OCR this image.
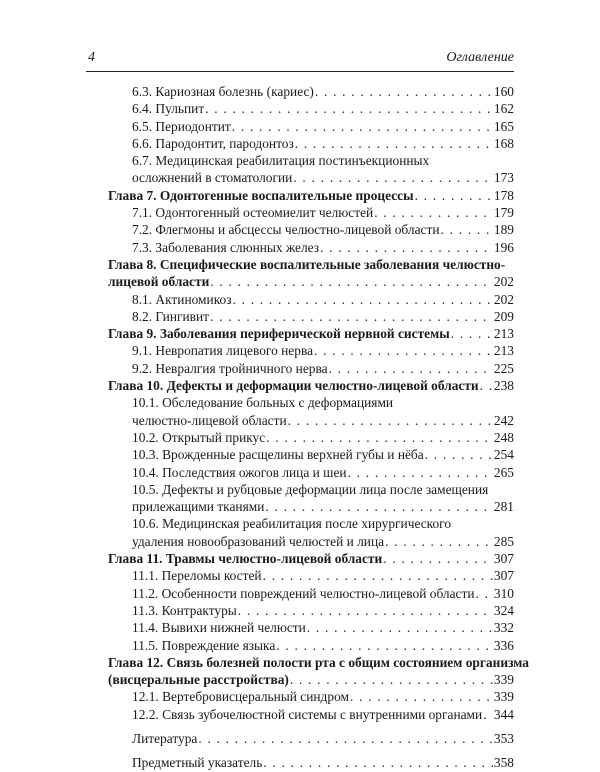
4	Оглавление
6.3. Кариозная болезнь (кариес) . . .	160
6.4. Пульпит . . .	162
6.5. Периодонтит . . .	165
6.6. Пародонтит, пародонтоз . . .	168
6.7. Медицинская реабилитация постинъекционных
осложнений в стоматологии . . .	173
Глава 7. Одонтогенные воспалительные процессы . . .	178
7.1. Одонтогенный остеомиелит челюстей . . .	179
7.2. Флегмоны и абсцессы челюстно-лицевой области . . .	189
7.3. Заболевания слюнных желез . . .	196
Глава 8. Специфические воспалительные заболевания челюстно-
лицевой области . . .	202
8.1. Актиномикоз . . .	202
8.2. Гингивит . . .	209
Глава 9. Заболевания периферической нервной системы . . .	213
9.1. Невропатия лицевого нерва . . .	213
9.2. Невралгия тройничного нерва . . .	225
Глава 10. Дефекты и деформации челюстно-лицевой области . . . 238
10.1. Обследование больных с деформациями
челюстно-лицевой области . . .	242
10.2. Открытый прикус . . .	248
10.3. Врожденные расщелины верхней губы и нёба . . .	254
10.4. Последствия ожогов лица и шеи . . .	265
10.5. Дефекты и рубцовые деформации лица после замещения
прилежащими тканями . . .	281
10.6. Медицинская реабилитация после хирургического
удаления новообразований челюстей и лица . . .	285
Глава 11. Травмы челюстно-лицевой области . . .	307
11.1. Переломы костей . . .	307
11.2. Особенности повреждений челюстно-лицевой области . . . 310
11.3. Контрактуры . . .	324
11.4. Вывихи нижней челюсти . . .	332
11.5. Повреждение языка . . .	336
Глава 12. Связь болезней полости рта с общим состоянием организма
(висцеральные расстройства) . . .	339
12.1. Вертебровисцеральный синдром . . .	339
12.2. Связь зубочелюстной системы с внутренними органами . . . 344
Литература . . .	353
Предметный указатель . . .	358
